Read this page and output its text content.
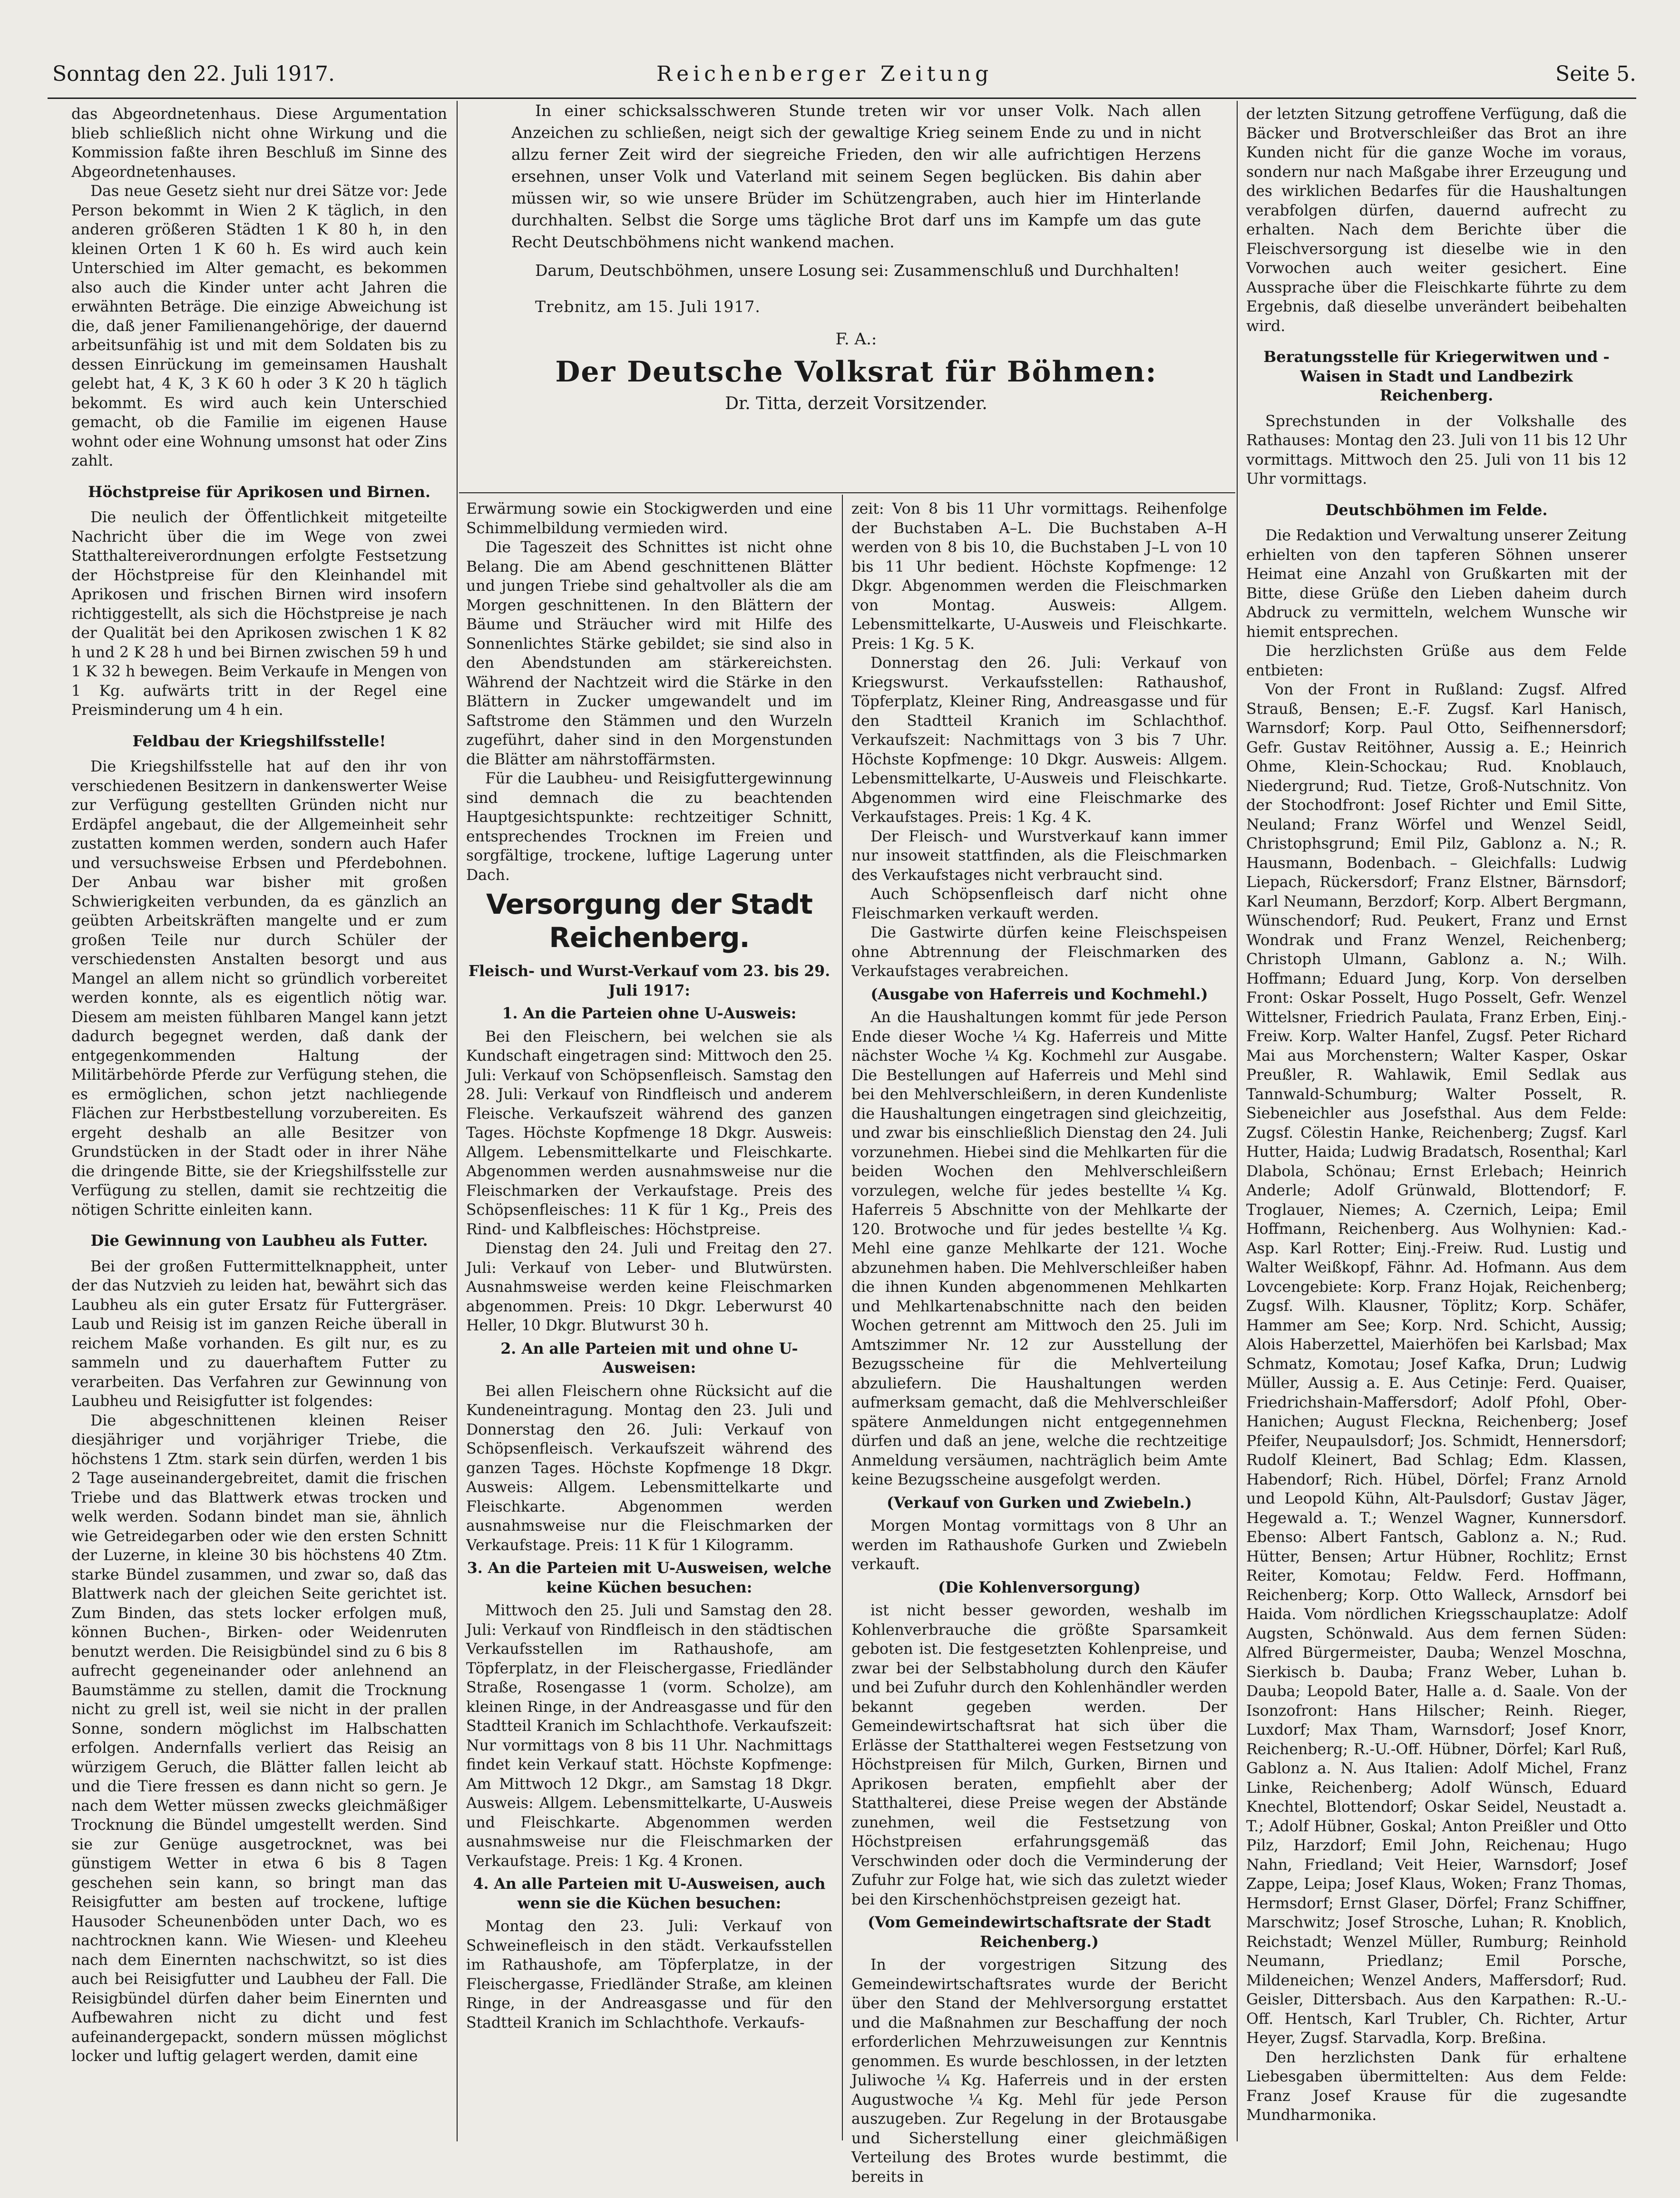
Sonntag den 22. Juli 1917.	Reichenberger Zeitung	Seite 5.

das Abgeordnetenhaus. Diese Argumentation blieb schließlich nicht ohne Wirkung und die Kommission faßte ihren Beschluß im Sinne des Abgeordnetenhauses.

Das neue Gesetz sieht nur drei Sätze vor: Jede Person bekommt in Wien 2 K täglich, in den anderen größeren Städten 1 K 80 h, in den kleinen Orten 1 K 60 h. Es wird auch kein Unterschied im Alter gemacht, es bekommen also auch die Kinder unter acht Jahren die erwähnten Beträge. Die einzige Abweichung ist die, daß jener Familienangehörige, der dauernd arbeitsunfähig ist und mit dem Soldaten bis zu dessen Einrückung im gemeinsamen Haushalt gelebt hat, 4 K, 3 K 60 h oder 3 K 20 h täglich bekommt. Es wird auch kein Unterschied gemacht, ob die Familie im eigenen Hause wohnt oder eine Wohnung umsonst hat oder Zins zahlt.

Höchstpreise für Aprikosen und Birnen.

Die neulich der Öffentlichkeit mitgeteilte Nachricht über die im Wege von zwei Statthaltereiverordnungen erfolgte Festsetzung der Höchstpreise für den Kleinhandel mit Aprikosen und frischen Birnen wird insofern richtiggestellt, als sich die Höchstpreise je nach der Qualität bei den Aprikosen zwischen 1 K 82 h und 2 K 28 h und bei Birnen zwischen 59 h und 1 K 32 h bewegen. Beim Verkaufe in Mengen von 1 Kg. aufwärts tritt in der Regel eine Preisminderung um 4 h ein.

Feldbau der Kriegshilfsstelle!

Die Kriegshilfsstelle hat auf den ihr von verschiedenen Besitzern in dankenswerter Weise zur Verfügung gestellten Gründen nicht nur Erdäpfel angebaut, die der Allgemeinheit sehr zustatten kommen werden, sondern auch Hafer und versuchsweise Erbsen und Pferdebohnen. Der Anbau war bisher mit großen Schwierigkeiten verbunden, da es gänzlich an geübten Arbeitskräften mangelte und er zum großen Teile nur durch Schüler der verschiedensten Anstalten besorgt und aus Mangel an allem nicht so gründlich vorbereitet werden konnte, als es eigentlich nötig war. Diesem am meisten fühlbaren Mangel kann jetzt dadurch begegnet werden, daß dank der entgegenkommenden Haltung der Militärbehörde Pferde zur Verfügung stehen, die es ermöglichen, schon jetzt nachliegende Flächen zur Herbstbestellung vorzubereiten. Es ergeht deshalb an alle Besitzer von Grundstücken in der Stadt oder in ihrer Nähe die dringende Bitte, sie der Kriegshilfsstelle zur Verfügung zu stellen, damit sie rechtzeitig die nötigen Schritte einleiten kann.

Die Gewinnung von Laubheu als Futter.

Bei der großen Futtermittelknappheit, unter der das Nutzvieh zu leiden hat, bewährt sich das Laubheu als ein guter Ersatz für Futtergräser. Laub und Reisig ist im ganzen Reiche überall in reichem Maße vorhanden. Es gilt nur, es zu sammeln und zu dauerhaftem Futter zu verarbeiten. Das Verfahren zur Gewinnung von Laubheu und Reisigfutter ist folgendes:

Die abgeschnittenen kleinen Reiser diesjähriger und vorjähriger Triebe, die höchstens 1 Ztm. stark sein dürfen, werden 1 bis 2 Tage auseinandergebreitet, damit die frischen Triebe und das Blattwerk etwas trocken und welk werden. Sodann bindet man sie, ähnlich wie Getreidegarben oder wie den ersten Schnitt der Luzerne, in kleine 30 bis höchstens 40 Ztm. starke Bündel zusammen, und zwar so, daß das Blattwerk nach der gleichen Seite gerichtet ist. Zum Binden, das stets locker erfolgen muß, können Buchen-, Birken- oder Weidenruten benutzt werden. Die Reisigbündel sind zu 6 bis 8 aufrecht gegeneinander oder anlehnend an Baumstämme zu stellen, damit die Trocknung nicht zu grell ist, weil sie nicht in der prallen Sonne, sondern möglichst im Halbschatten erfolgen. Andernfalls verliert das Reisig an würzigem Geruch, die Blätter fallen leicht ab und die Tiere fressen es dann nicht so gern. Je nach dem Wetter müssen zwecks gleichmäßiger Trocknung die Bündel umgestellt werden. Sind sie zur Genüge ausgetrocknet, was bei günstigem Wetter in etwa 6 bis 8 Tagen geschehen sein kann, so bringt man das Reisigfutter am besten auf trockene, luftige Hausoder Scheunenböden unter Dach, wo es nachtrocknen kann. Wie Wiesen- und Kleeheu nach dem Einernten nachschwitzt, so ist dies auch bei Reisigfutter und Laubheu der Fall. Die Reisigbündel dürfen daher beim Einernten und Aufbewahren nicht zu dicht und fest aufeinandergepackt, sondern müssen möglichst locker und luftig gelagert werden, damit eine

In einer schicksalsschweren Stunde treten wir vor unser Volk. Nach allen Anzeichen zu schließen, neigt sich der gewaltige Krieg seinem Ende zu und in nicht allzu ferner Zeit wird der siegreiche Frieden, den wir alle aufrichtigen Herzens ersehnen, unser Volk und Vaterland mit seinem Segen beglücken. Bis dahin aber müssen wir, so wie unsere Brüder im Schützengraben, auch hier im Hinterlande durchhalten. Selbst die Sorge ums tägliche Brot darf uns im Kampfe um das gute Recht Deutschböhmens nicht wankend machen.

Darum, Deutschböhmen, unsere Losung sei: Zusammenschluß und Durchhalten!

Trebnitz, am 15. Juli 1917.

F. A.:

Der Deutsche Volksrat für Böhmen:

Dr. Titta, derzeit Vorsitzender.

Erwärmung sowie ein Stockigwerden und eine Schimmelbildung vermieden wird.

Die Tageszeit des Schnittes ist nicht ohne Belang. Die am Abend geschnittenen Blätter und jungen Triebe sind gehaltvoller als die am Morgen geschnittenen. In den Blättern der Bäume und Sträucher wird mit Hilfe des Sonnenlichtes Stärke gebildet; sie sind also in den Abendstunden am stärkereichsten. Während der Nachtzeit wird die Stärke in den Blättern in Zucker umgewandelt und im Saftstrome den Stämmen und den Wurzeln zugeführt, daher sind in den Morgenstunden die Blätter am nährstoffärmsten.

Für die Laubheu- und Reisigfuttergewinnung sind demnach die zu beachtenden Hauptgesichtspunkte: rechtzeitiger Schnitt, entsprechendes Trocknen im Freien und sorgfältige, trockene, luftige Lagerung unter Dach.

Versorgung der Stadt Reichenberg.
Fleisch- und Wurst-Verkauf vom 23. bis 29. Juli 1917:
1. An die Parteien ohne U-Ausweis:

Bei den Fleischern, bei welchen sie als Kundschaft eingetragen sind: Mittwoch den 25. Juli: Verkauf von Schöpsenfleisch. Samstag den 28. Juli: Verkauf von Rindfleisch und anderem Fleische. Verkaufszeit während des ganzen Tages. Höchste Kopfmenge 18 Dkgr. Ausweis: Allgem. Lebensmittelkarte und Fleischkarte. Abgenommen werden ausnahmsweise nur die Fleischmarken der Verkaufstage. Preis des Schöpsenfleisches: 11 K für 1 Kg., Preis des Rind- und Kalbfleisches: Höchstpreise.

Dienstag den 24. Juli und Freitag den 27. Juli: Verkauf von Leber- und Blutwürsten. Ausnahmsweise werden keine Fleischmarken abgenommen. Preis: 10 Dkgr. Leberwurst 40 Heller, 10 Dkgr. Blutwurst 30 h.

2. An alle Parteien mit und ohne U-Ausweisen:

Bei allen Fleischern ohne Rücksicht auf die Kundeneintragung. Montag den 23. Juli und Donnerstag den 26. Juli: Verkauf von Schöpsenfleisch. Verkaufszeit während des ganzen Tages. Höchste Kopfmenge 18 Dkgr. Ausweis: Allgem. Lebensmittelkarte und Fleischkarte. Abgenommen werden ausnahmsweise nur die Fleischmarken der Verkaufstage. Preis: 11 K für 1 Kilogramm.

3. An die Parteien mit U-Ausweisen, welche keine Küchen besuchen:

Mittwoch den 25. Juli und Samstag den 28. Juli: Verkauf von Rindfleisch in den städtischen Verkaufsstellen im Rathaushofe, am Töpferplatz, in der Fleischergasse, Friedländer Straße, Rosengasse 1 (vorm. Scholze), am kleinen Ringe, in der Andreasgasse und für den Stadtteil Kranich im Schlachthofe. Verkaufszeit: Nur vormittags von 8 bis 11 Uhr. Nachmittags findet kein Verkauf statt. Höchste Kopfmenge: Am Mittwoch 12 Dkgr., am Samstag 18 Dkgr. Ausweis: Allgem. Lebensmittelkarte, U-Ausweis und Fleischkarte. Abgenommen werden ausnahmsweise nur die Fleischmarken der Verkaufstage. Preis: 1 Kg. 4 Kronen.

4. An alle Parteien mit U-Ausweisen, auch wenn sie die Küchen besuchen:

Montag den 23. Juli: Verkauf von Schweinefleisch in den städt. Verkaufsstellen im Rathaushofe, am Töpferplatze, in der Fleischergasse, Friedländer Straße, am kleinen Ringe, in der Andreasgasse und für den Stadtteil Kranich im Schlachthofe. Verkaufs-

zeit: Von 8 bis 11 Uhr vormittags. Reihenfolge der Buchstaben A–L. Die Buchstaben A–H werden von 8 bis 10, die Buchstaben J–L von 10 bis 11 Uhr bedient. Höchste Kopfmenge: 12 Dkgr. Abgenommen werden die Fleischmarken von Montag. Ausweis: Allgem. Lebensmittelkarte, U-Ausweis und Fleischkarte. Preis: 1 Kg. 5 K.

Donnerstag den 26. Juli: Verkauf von Kriegswurst. Verkaufsstellen: Rathaushof, Töpferplatz, Kleiner Ring, Andreasgasse und für den Stadtteil Kranich im Schlachthof. Verkaufszeit: Nachmittags von 3 bis 7 Uhr. Höchste Kopfmenge: 10 Dkgr. Ausweis: Allgem. Lebensmittelkarte, U-Ausweis und Fleischkarte. Abgenommen wird eine Fleischmarke des Verkaufstages. Preis: 1 Kg. 4 K.

Der Fleisch- und Wurstverkauf kann immer nur insoweit stattfinden, als die Fleischmarken des Verkaufstages nicht verbraucht sind.

Auch Schöpsenfleisch darf nicht ohne Fleischmarken verkauft werden.

Die Gastwirte dürfen keine Fleischspeisen ohne Abtrennung der Fleischmarken des Verkaufstages verabreichen.

(Ausgabe von Haferreis und Kochmehl.)

An die Haushaltungen kommt für jede Person Ende dieser Woche ¼ Kg. Haferreis und Mitte nächster Woche ¼ Kg. Kochmehl zur Ausgabe. Die Bestellungen auf Haferreis und Mehl sind bei den Mehlverschleißern, in deren Kundenliste die Haushaltungen eingetragen sind gleichzeitig, und zwar bis einschließlich Dienstag den 24. Juli vorzunehmen. Hiebei sind die Mehlkarten für die beiden Wochen den Mehlverschleißern vorzulegen, welche für jedes bestellte ¼ Kg. Haferreis 5 Abschnitte von der Mehlkarte der 120. Brotwoche und für jedes bestellte ¼ Kg. Mehl eine ganze Mehlkarte der 121. Woche abzunehmen haben. Die Mehlverschleißer haben die ihnen Kunden abgenommenen Mehlkarten und Mehlkartenabschnitte nach den beiden Wochen getrennt am Mittwoch den 25. Juli im Amtszimmer Nr. 12 zur Ausstellung der Bezugsscheine für die Mehlverteilung abzuliefern. Die Haushaltungen werden aufmerksam gemacht, daß die Mehlverschleißer spätere Anmeldungen nicht entgegennehmen dürfen und daß an jene, welche die rechtzeitige Anmeldung versäumen, nachträglich beim Amte keine Bezugsscheine ausgefolgt werden.

(Verkauf von Gurken und Zwiebeln.)

Morgen Montag vormittags von 8 Uhr an werden im Rathaushofe Gurken und Zwiebeln verkauft.

(Die Kohlenversorgung)

ist nicht besser geworden, weshalb im Kohlenverbrauche die größte Sparsamkeit geboten ist. Die festgesetzten Kohlenpreise, und zwar bei der Selbstabholung durch den Käufer und bei Zufuhr durch den Kohlenhändler werden bekannt gegeben werden. Der Gemeindewirtschaftsrat hat sich über die Erlässe der Statthalterei wegen Festsetzung von Höchstpreisen für Milch, Gurken, Birnen und Aprikosen beraten, empfiehlt aber der Statthalterei, diese Preise wegen der Abstände zunehmen, weil die Festsetzung von Höchstpreisen erfahrungsgemäß das Verschwinden oder doch die Verminderung der Zufuhr zur Folge hat, wie sich das zuletzt wieder bei den Kirschenhöchstpreisen gezeigt hat.

(Vom Gemeindewirtschaftsrate der Stadt Reichenberg.)

In der vorgestrigen Sitzung des Gemeindewirtschaftsrates wurde der Bericht über den Stand der Mehlversorgung erstattet und die Maßnahmen zur Beschaffung der noch erforderlichen Mehrzuweisungen zur Kenntnis genommen. Es wurde beschlossen, in der letzten Juliwoche ¼ Kg. Haferreis und in der ersten Augustwoche ¼ Kg. Mehl für jede Person auszugeben. Zur Regelung in der Brotausgabe und Sicherstellung einer gleichmäßigen Verteilung des Brotes wurde bestimmt, die bereits in

der letzten Sitzung getroffene Verfügung, daß die Bäcker und Brotverschleißer das Brot an ihre Kunden nicht für die ganze Woche im voraus, sondern nur nach Maßgabe ihrer Erzeugung und des wirklichen Bedarfes für die Haushaltungen verabfolgen dürfen, dauernd aufrecht zu erhalten. Nach dem Berichte über die Fleischversorgung ist dieselbe wie in den Vorwochen auch weiter gesichert. Eine Aussprache über die Fleischkarte führte zu dem Ergebnis, daß dieselbe unverändert beibehalten wird.

Beratungsstelle für Kriegerwitwen und -Waisen in Stadt und Landbezirk Reichenberg.

Sprechstunden in der Volkshalle des Rathauses: Montag den 23. Juli von 11 bis 12 Uhr vormittags. Mittwoch den 25. Juli von 11 bis 12 Uhr vormittags.

Deutschböhmen im Felde.

Die Redaktion und Verwaltung unserer Zeitung erhielten von den tapferen Söhnen unserer Heimat eine Anzahl von Grußkarten mit der Bitte, diese Grüße den Lieben daheim durch Abdruck zu vermitteln, welchem Wunsche wir hiemit entsprechen.

Die herzlichsten Grüße aus dem Felde entbieten:

Von der Front in Rußland: Zugsf. Alfred Strauß, Bensen; E.-F. Zugsf. Karl Hanisch, Warnsdorf; Korp. Paul Otto, Seifhennersdorf; Gefr. Gustav Reitöhner, Aussig a. E.; Heinrich Ohme, Klein-Schockau; Rud. Knoblauch, Niedergrund; Rud. Tietze, Groß-Nutschnitz. Von der Stochodfront: Josef Richter und Emil Sitte, Neuland; Franz Wörfel und Wenzel Seidl, Christophsgrund; Emil Pilz, Gablonz a. N.; R. Hausmann, Bodenbach. – Gleichfalls: Ludwig Liepach, Rückersdorf; Franz Elstner, Bärnsdorf; Karl Neumann, Berzdorf; Korp. Albert Bergmann, Wünschendorf; Rud. Peukert, Franz und Ernst Wondrak und Franz Wenzel, Reichenberg; Christoph Ulmann, Gablonz a. N.; Wilh. Hoffmann; Eduard Jung, Korp. Von derselben Front: Oskar Posselt, Hugo Posselt, Gefr. Wenzel Wittelsner, Friedrich Paulata, Franz Erben, Einj.-Freiw. Korp. Walter Hanfel, Zugsf. Peter Richard Mai aus Morchenstern; Walter Kasper, Oskar Preußler, R. Wahlawik, Emil Sedlak aus Tannwald-Schumburg; Walter Posselt, R. Siebeneichler aus Josefsthal. Aus dem Felde: Zugsf. Cölestin Hanke, Reichenberg; Zugsf. Karl Hutter, Haida; Ludwig Bradatsch, Rosenthal; Karl Dlabola, Schönau; Ernst Erlebach; Heinrich Anderle; Adolf Grünwald, Blottendorf; F. Troglauer, Niemes; A. Czernich, Leipa; Emil Hoffmann, Reichenberg. Aus Wolhynien: Kad.-Asp. Karl Rotter; Einj.-Freiw. Rud. Lustig und Walter Weißkopf, Fähnr. Ad. Hofmann. Aus dem Lovcengebiete: Korp. Franz Hojak, Reichenberg; Zugsf. Wilh. Klausner, Töplitz; Korp. Schäfer, Hammer am See; Korp. Nrd. Schicht, Aussig; Alois Haberzettel, Maierhöfen bei Karlsbad; Max Schmatz, Komotau; Josef Kafka, Drun; Ludwig Müller, Aussig a. E. Aus Cetinje: Ferd. Quaiser, Friedrichshain-Maffersdorf; Adolf Pfohl, Ober-Hanichen; August Fleckna, Reichenberg; Josef Pfeifer, Neupaulsdorf; Jos. Schmidt, Hennersdorf; Rudolf Kleinert, Bad Schlag; Edm. Klassen, Habendorf; Rich. Hübel, Dörfel; Franz Arnold und Leopold Kühn, Alt-Paulsdorf; Gustav Jäger, Hegewald a. T.; Wenzel Wagner, Kunnersdorf. Ebenso: Albert Fantsch, Gablonz a. N.; Rud. Hütter, Bensen; Artur Hübner, Rochlitz; Ernst Reiter, Komotau; Feldw. Ferd. Hoffmann, Reichenberg; Korp. Otto Walleck, Arnsdorf bei Haida. Vom nördlichen Kriegsschauplatze: Adolf Augsten, Schönwald. Aus dem fernen Süden: Alfred Bürgermeister, Dauba; Wenzel Moschna, Sierkisch b. Dauba; Franz Weber, Luhan b. Dauba; Leopold Bater, Halle a. d. Saale. Von der Isonzofront: Hans Hilscher; Reinh. Rieger, Luxdorf; Max Tham, Warnsdorf; Josef Knorr, Reichenberg; R.-U.-Off. Hübner, Dörfel; Karl Ruß, Gablonz a. N. Aus Italien: Adolf Michel, Franz Linke, Reichenberg; Adolf Wünsch, Eduard Knechtel, Blottendorf; Oskar Seidel, Neustadt a. T.; Adolf Hübner, Goskal; Anton Preißler und Otto Pilz, Harzdorf; Emil John, Reichenau; Hugo Nahn, Friedland; Veit Heier, Warnsdorf; Josef Zappe, Leipa; Josef Klaus, Woken; Franz Thomas, Hermsdorf; Ernst Glaser, Dörfel; Franz Schiffner, Marschwitz; Josef Strosche, Luhan; R. Knoblich, Reichstadt; Wenzel Müller, Rumburg; Reinhold Neumann, Priedlanz; Emil Porsche, Mildeneichen; Wenzel Anders, Maffersdorf; Rud. Geisler, Dittersbach. Aus den Karpathen: R.-U.-Off. Hentsch, Karl Trubler, Ch. Richter, Artur Heyer, Zugsf. Starvadla, Korp. Breßina.

Den herzlichsten Dank für erhaltene Liebesgaben übermittelten: Aus dem Felde: Franz Josef Krause für die zugesandte Mundharmonika.
